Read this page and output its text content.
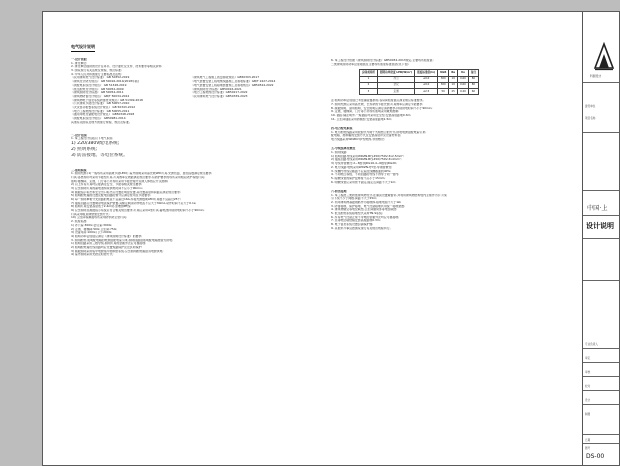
电气设计说明
一.设计依据
1. 建设单位:
2. 建设单位提供的设计任务书、设计委托及文件、技术要求等相关资料;
3. 国家现行有关法规及规程、规范标准;
4. 中华人民共和国现行主要标准及法规:
《民用建筑电气设计标准》 GB 50352-2019	《建筑电气工程施工质量验收规范》GB50303-2017
《建筑设计防火规范》 GB 50016-2014(2018年版)	《电气装置安装工程电缆线路施工及验收标准》GB/T 2427-2014
《供配电系统设计规范》 GB 51348-2019	《电气装置安装工程接地装置施工及验收规范》GB50524-2022
《低压配电设计规范》 GB 50052-2009	《建筑照明设计标准》GB50016-2021
《建筑照明设计标准》 GB 50054-2011	《电力工程电缆设计标准》GB50217-2022
《建筑物防雷设计规范》 GB/T 50034-2024	《民用建筑电气设计标准》GB50339-2023
《建筑物电子信息系统防雷技术规范》GB 51309-2018
《公共建筑节能设计标准》 GB 50057-2010
《火灾自动报警系统设计规范》 GB 50343-2012
《电力工程电缆设计标准》 GB 50055-2011
《通用用电设备配电设计规范》 GB50348-2018
《供配电系统设计规范》 GB50981-2014
其他有关国家及地方的现行规程、规范及标准。
二.设计范围
1. 本工程设计包括以下电气系统:
1) 220/380V配电系统;
2) 照明系统;
3) 防雷接地、等电位系统。
三.照明系统
1. 照明光源:(1)一般场所采用高效节能LED灯,室外照明采用高光效LED灯具,光源色温、显色指数满足规范要求;
灯具:各类场所均采用节能型灯具,灯具效率及效能满足规范要求,有防护要求的场所采用相应防护等级灯具;
照明:楼梯间、走道、门厅等公共场所采用节能自熄开关或人体感应开关控制;
2) 以上所有灯具均应能满足安全、节能等相关规范要求;
3) 应急照明灯具的蓄电池持续供电时间不应小于90min;
4) 疏散指示标志和安全出口标志应设置在明显位置,其设置高度和间距应满足规范要求;
5) 照明配电箱的设置及配电回路的划分应满足使用及节能要求;
6) 每一照明单相分支回路的电流不宜超过16A,所接光源数或LED灯具数不宜超过25个;
7) 插座回路应设置剩余电流保护装置,其额定剩余动作电流不应大于30mA,动作时间不应大于0.1s;
8) 照明灯具安装高度低于2.4m时,需增加PE线;
9) 应急照明及疏散指示系统应符合相关规范要求,灯具应采用A型灯具,蓄电池持续供电时间不小于90min;
灯具采用吸顶或壁装安装方式;
10) 卫生间等潮湿场所采用防水防尘型灯具;
2. 照度标准:
1) 办公室:300lx;会议室:300lx;
2) 走道、楼梯间:50lx;卫生间:75lx;
3) 设备用房:100lx;门厅:200lx;
4) 照明功率密度值应满足《建筑照明设计标准》的要求;
3. 照明配电:照明配电箱的电源由配电室引来,照明回路由照明配电箱放射式供电;
1) 照明回路采用三根导线,照明灯具的金属外壳应可靠接地;
2) 照明配电箱出线回路均应设置短路保护及过负荷保护;
3) 疏散照明采用集中电源集中控制型系统,应急照明配电箱由双电源供电;
4) 室外照明采用光控及时控方式;
6. 本工程设计依据《建筑照明设计标准》GB50034-2013规定,主要场所照度值:
二类建筑照明功率密度限值及主要场所照度标准值表(见下表):
房间或场所	照明功率密度 LPD(W/m²)	照度标准值(lx)	UGR	Ra	Uo	备注
1	办公	≤9.0	300	19	0.60	80
2	会议	≤9.0	300	19	0.60	80
3	走道	≤2.5	50	25	0.40	60
注:照明功率密度值已考虑镇流器损耗;各房间照度值应满足相应标准要求。
7. 照明光源应采用高光效、长寿命的节能光源,灯具效率应满足节能要求;
8. 疏散照明、备用照明、安全照明应满足消防要求,持续供电时间不小于90min;
9. 走道、楼梯间、门厅等公共场所照明采用就地控制;
10. 插座:除注明外,一般插座均采用安全型,安装高度距地0.3m;
11. 卫生间插座采用防溅型,安装高度距地1.5m;
四.电力配电系统
1. 电力配电线路采用放射式与树干式相结合的方式,供电电源由配电室引来;
配电箱、控制箱的安装方式及安装高度详见设备材料表;
电力线路采用WDZN-YJY型电缆,穿管敷设;
五.导线选择及敷设
1. 照明线路:
1) 照明回路导线采用WDZN-BYJ-450/750V-3x2.5mm²;
2) 插座回路导线采用WDZN-BYJ-450/750V-3x4mm²;
3) 导线穿管敷设:2~3根穿JDG16,4~6根穿JDG20;
2. 电力线路:电缆采用WDZN-YJY型,穿钢管敷设;
3. 线槽内导线总截面不应超过线槽截面的40%;
4. 不同电压等级、不同回路的导线不得穿于同一管内;
5. 暗敷线管的保护层厚度不应小于15mm;
6. 明敷线管应采用管卡固定,固定点间距不大于1m;
六.防雷接地
1. 本工程按三类防雷建筑物设计,在屋顶设置避雷带,并利用建筑物结构柱内主筋作为引下线;
引下线不少于两根,间距不大于25m;
2. 利用建筑物基础钢筋作为接地体,接地电阻不大于1Ω;
3. 防雷接地、保护接地、电气设备接地共用统一接地装置;
4. 建筑物做总等电位联结,卫生间做局部等电位联结;
5. 低压配电系统接地型式采用TN-S系统;
6. 所有电气设备正常不带电的金属外壳均应可靠接地;
7. 总等电位联结箱安装高度距地0.3m;
8. 电子信息系统设置浪涌保护器;
9. 其他未尽事宜按国家现行有关规范规程执行。
科园设计
建设单位
项目名称
中国·上
设计说明
专业负责人
审定
审核
校对
设计
制图
日期
图号
DS-00
